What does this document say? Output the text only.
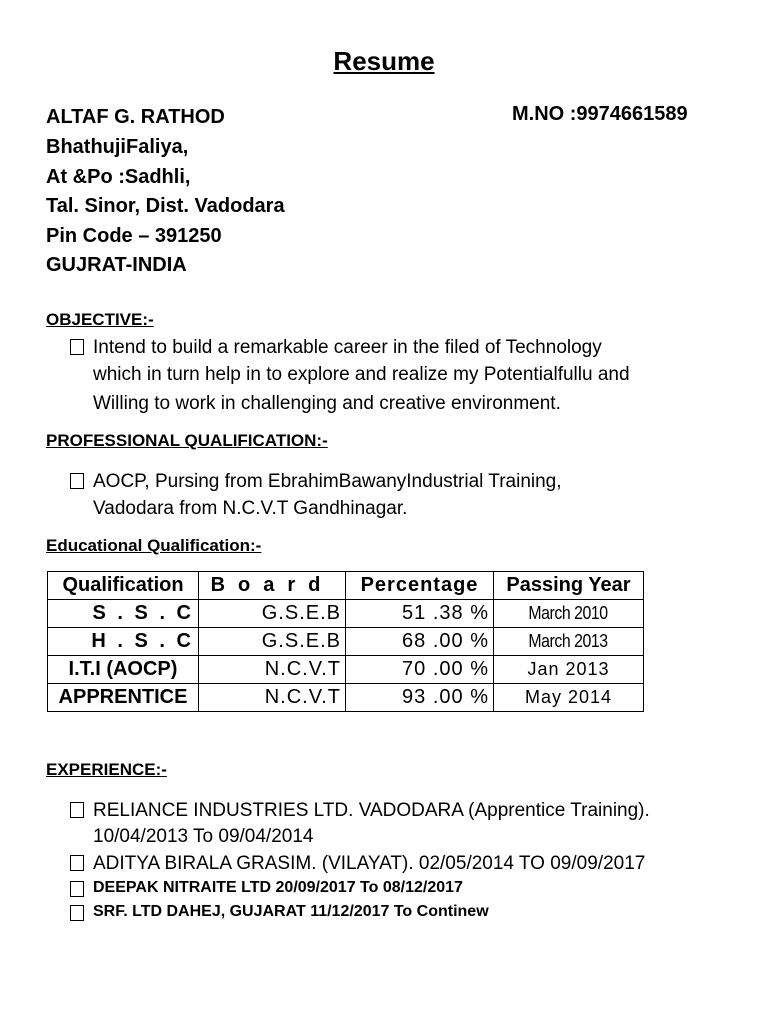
Resume
ALTAF G. RATHOD	M.NO :9974661589
BhathujiFaliya,
At &Po :Sadhli,
Tal. Sinor, Dist. Vadodara
Pin Code – 391250
GUJRAT-INDIA
OBJECTIVE:-
Intend to build a remarkable career in the filed of Technology
which in turn help in to explore and realize my Potentialfullu and
Willing to work in challenging and creative environment.
PROFESSIONAL QUALIFICATION:-
AOCP, Pursing from EbrahimBawanyIndustrial Training,
Vadodara from N.C.V.T Gandhinagar.
Educational Qualification:-
Qualification	Board	Percentage	Passing Year
S . S . C	G.S.E.B	51 .38 %	March 2010
H . S . C	G.S.E.B	68 .00 %	March 2013
I.T.I (AOCP)	N.C.V.T	70 .00 %	Jan 2013
APPRENTICE	N.C.V.T	93 .00 %	May 2014
EXPERIENCE:-
RELIANCE INDUSTRIES LTD. VADODARA (Apprentice Training).
10/04/2013 To 09/04/2014
ADITYA BIRALA GRASIM. (VILAYAT). 02/05/2014 TO 09/09/2017
DEEPAK NITRAITE LTD 20/09/2017 To 08/12/2017
SRF. LTD DAHEJ, GUJARAT 11/12/2017 To Continew
